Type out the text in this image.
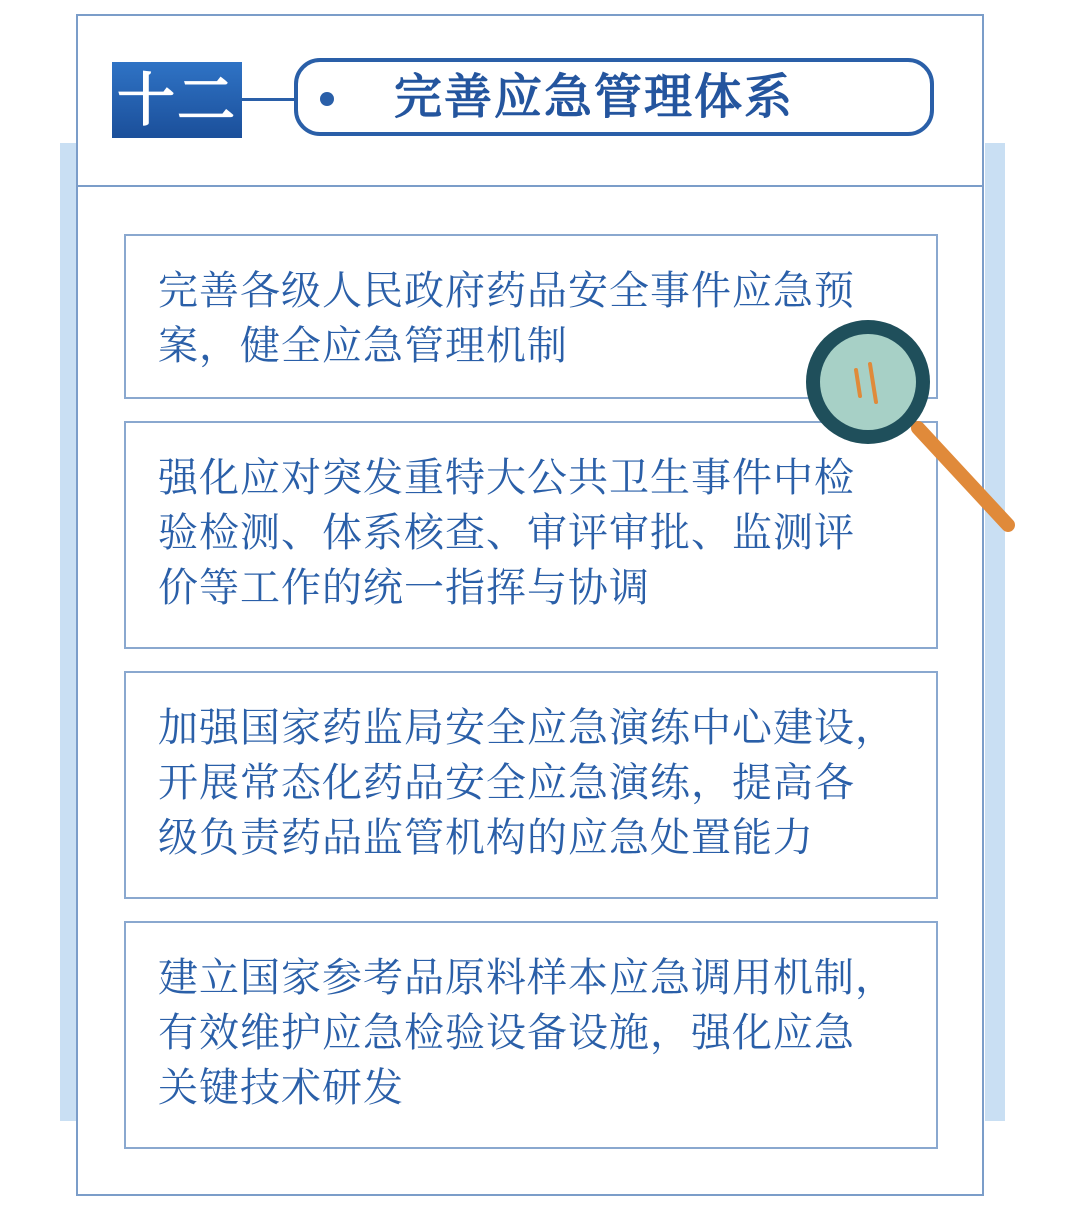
十二	完善应急管理体系
完善各级人民政府药品安全事件应急预
案，健全应急管理机制
强化应对突发重特大公共卫生事件中检
验检测、体系核查、审评审批、监测评
价等工作的统一指挥与协调
加强国家药监局安全应急演练中心建设，
开展常态化药品安全应急演练，提高各
级负责药品监管机构的应急处置能力
建立国家参考品原料样本应急调用机制，
有效维护应急检验设备设施，强化应急
关键技术研发
